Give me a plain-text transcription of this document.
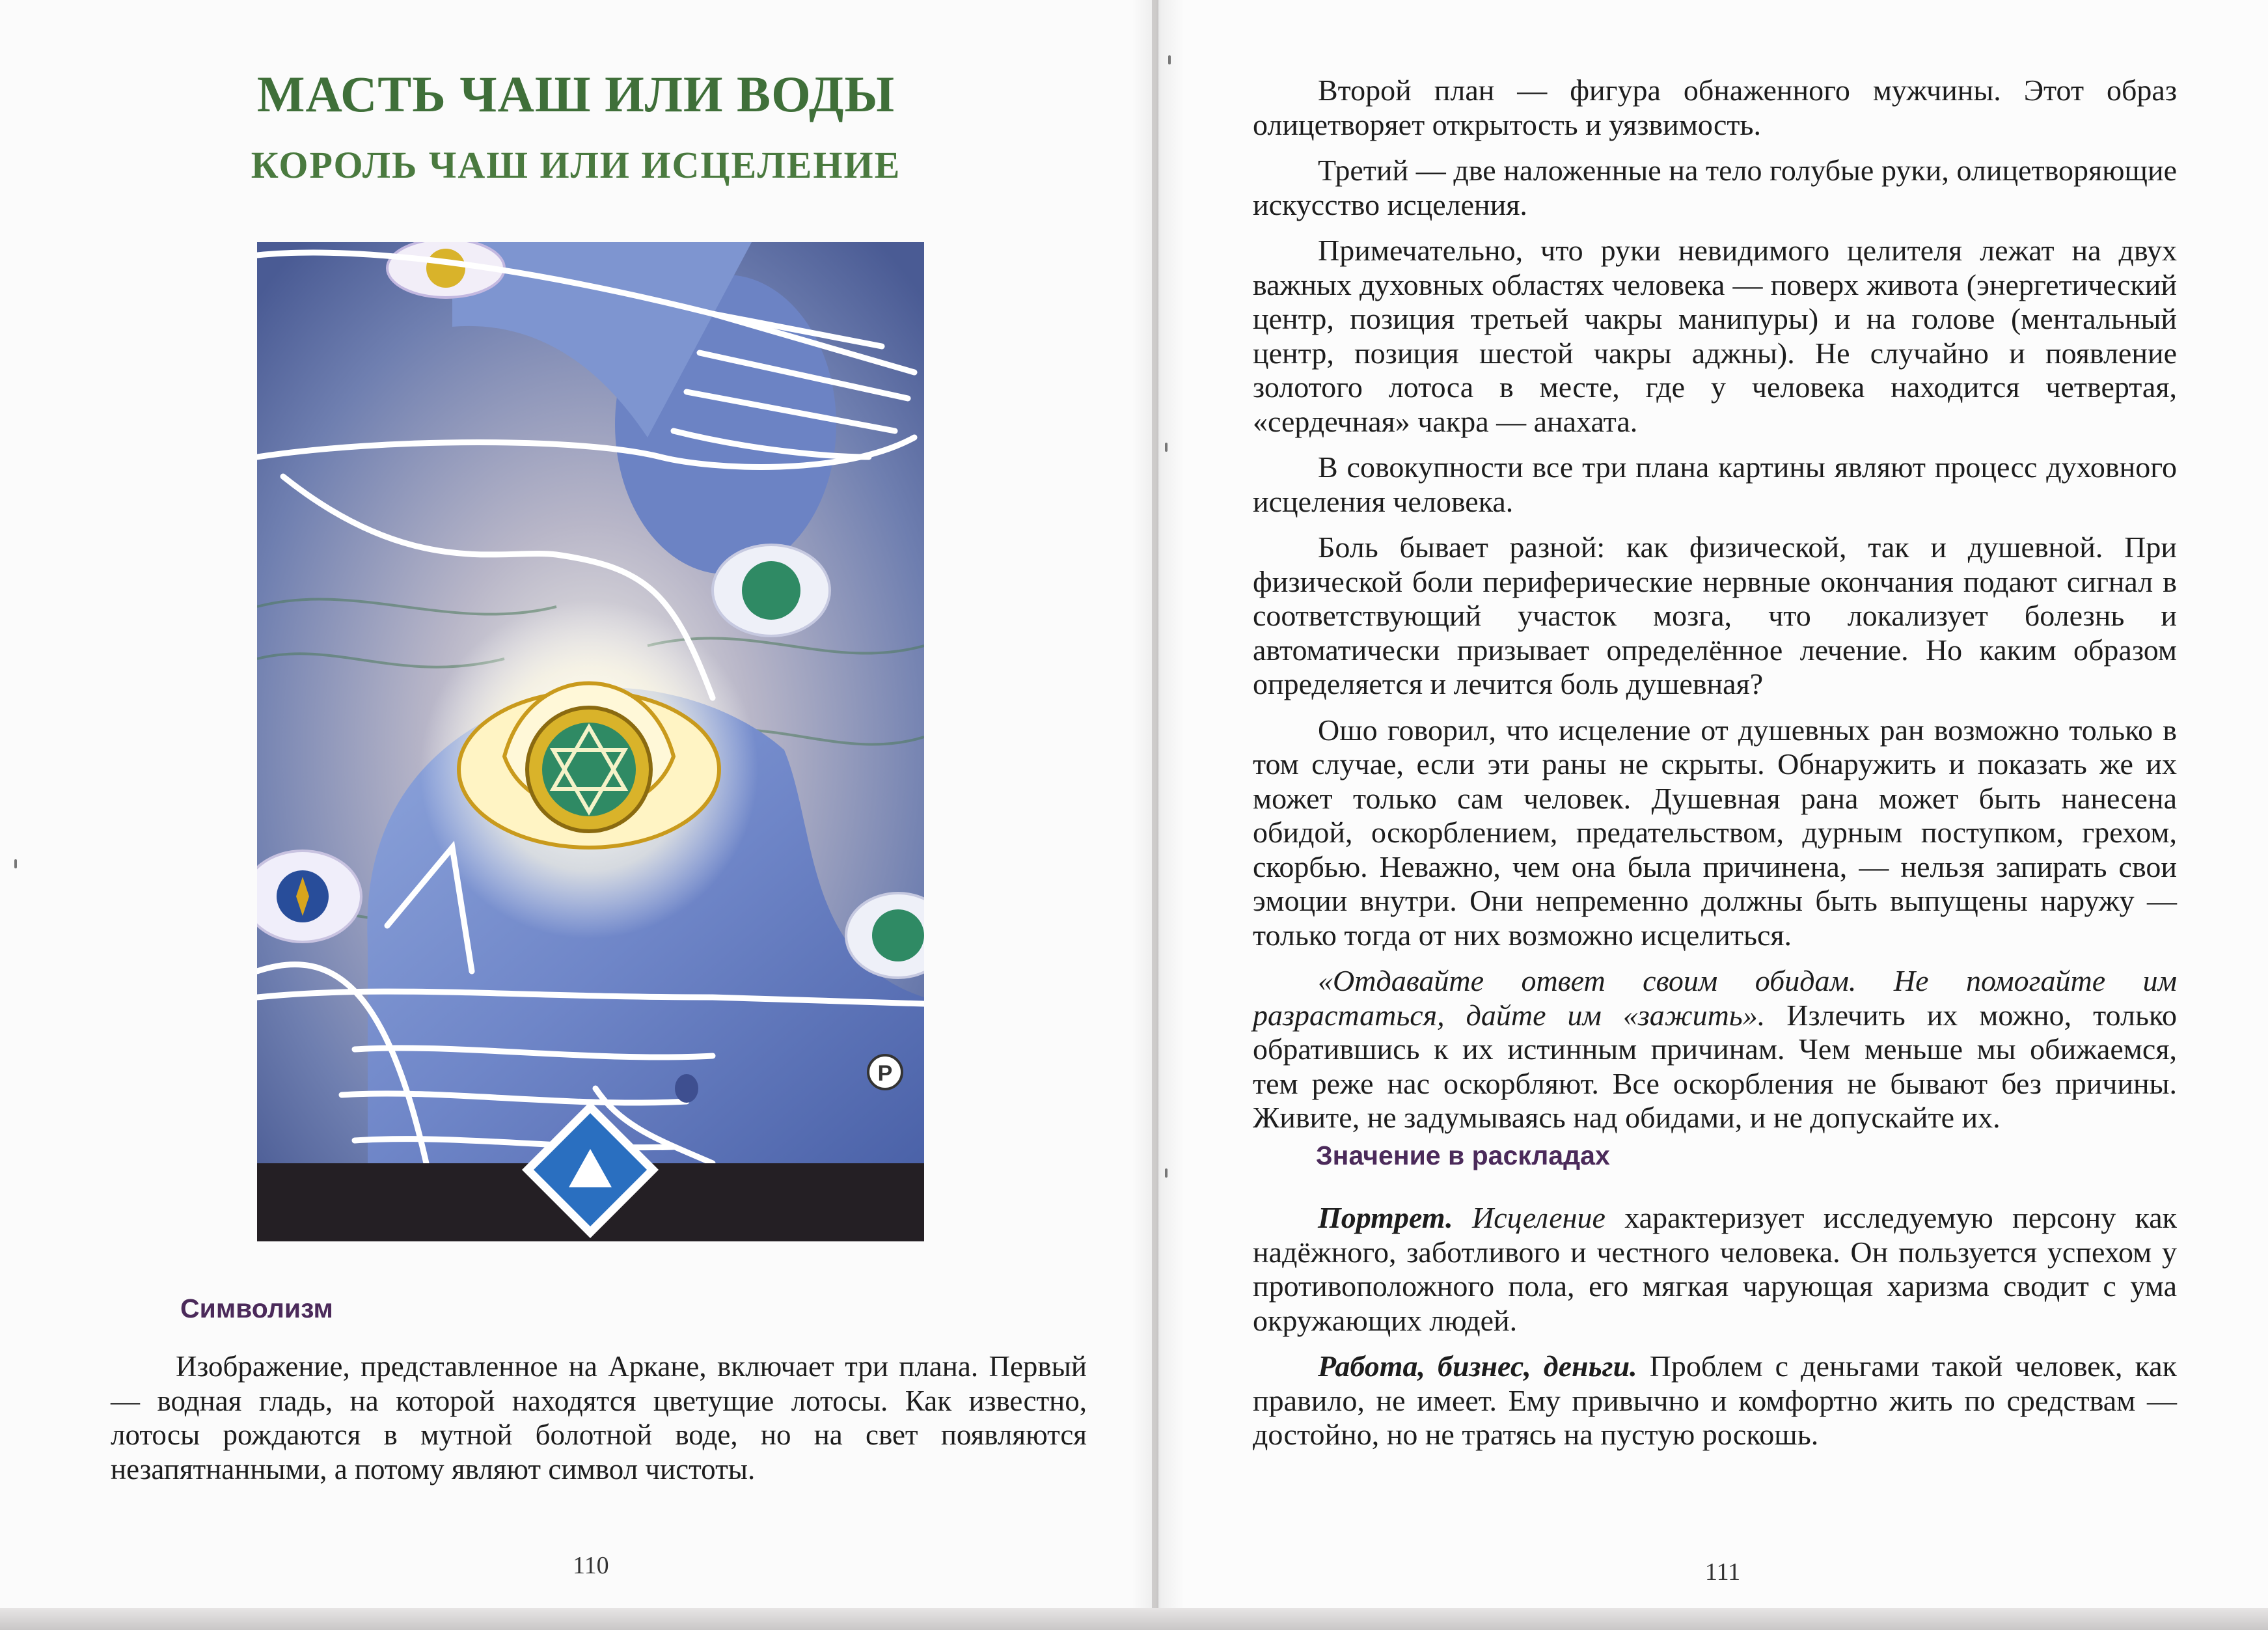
МАСТЬ ЧАШ ИЛИ ВОДЫ
КОРОЛЬ ЧАШ ИЛИ ИСЦЕЛЕНИЕ
P
Символизм

Изображение, представленное на Аркане, включает три плана. Первый — водная гладь, на которой находятся цветущие лотосы. Как известно, лотосы рождаются в мутной болотной воде, но на свет появляются незапятнанными, а потому являют символ чистоты.

110

Второй план — фигура обнаженного мужчины. Этот образ олицетворяет открытость и уязвимость.

Третий — две наложенные на тело голубые руки, олицетворяющие искусство исцеления.

Примечательно, что руки невидимого целителя лежат на двух важных духовных областях человека — поверх живота (энергетический центр, позиция третьей чакры манипуры) и на голове (ментальный центр, позиция шестой чакры аджны). Не случайно и появление золотого лотоса в месте, где у человека находится четвертая, «сердечная» чакра — анахата.

В совокупности все три плана картины являют процесс духовного исцеления человека.

Боль бывает разной: как физической, так и душевной. При физической боли периферические нервные окончания подают сигнал в соответствующий участок мозга, что локализует болезнь и автоматически призывает определённое лечение. Но каким образом определяется и лечится боль душевная?

Ошо говорил, что исцеление от душевных ран возможно только в том случае, если эти раны не скрыты. Обнаружить и показать же их может только сам человек. Душевная рана может быть нанесена обидой, оскорблением, предательством, дурным поступком, грехом, скорбью. Неважно, чем она была причинена, — нельзя запирать свои эмоции внутри. Они непременно должны быть выпущены наружу — только тогда от них возможно исцелиться.

«Отдавайте ответ своим обидам. Не помогайте им разрастаться, дайте им «зажить». Излечить их можно, только обратившись к их истинным причинам. Чем меньше мы обижаемся, тем реже нас оскорбляют. Все оскорбления не бывают без причины. Живите, не задумываясь над обидами, и не допускайте их.

Значение в раскладах

Портрет. Исцеление характеризует исследуемую персону как надёжного, заботливого и честного человека. Он пользуется успехом у противоположного пола, его мягкая чарующая харизма сводит с ума окружающих людей.

Работа, бизнес, деньги. Проблем с деньгами такой человек, как правило, не имеет. Ему привычно и комфортно жить по средствам — достойно, но не тратясь на пустую роскошь.

111
